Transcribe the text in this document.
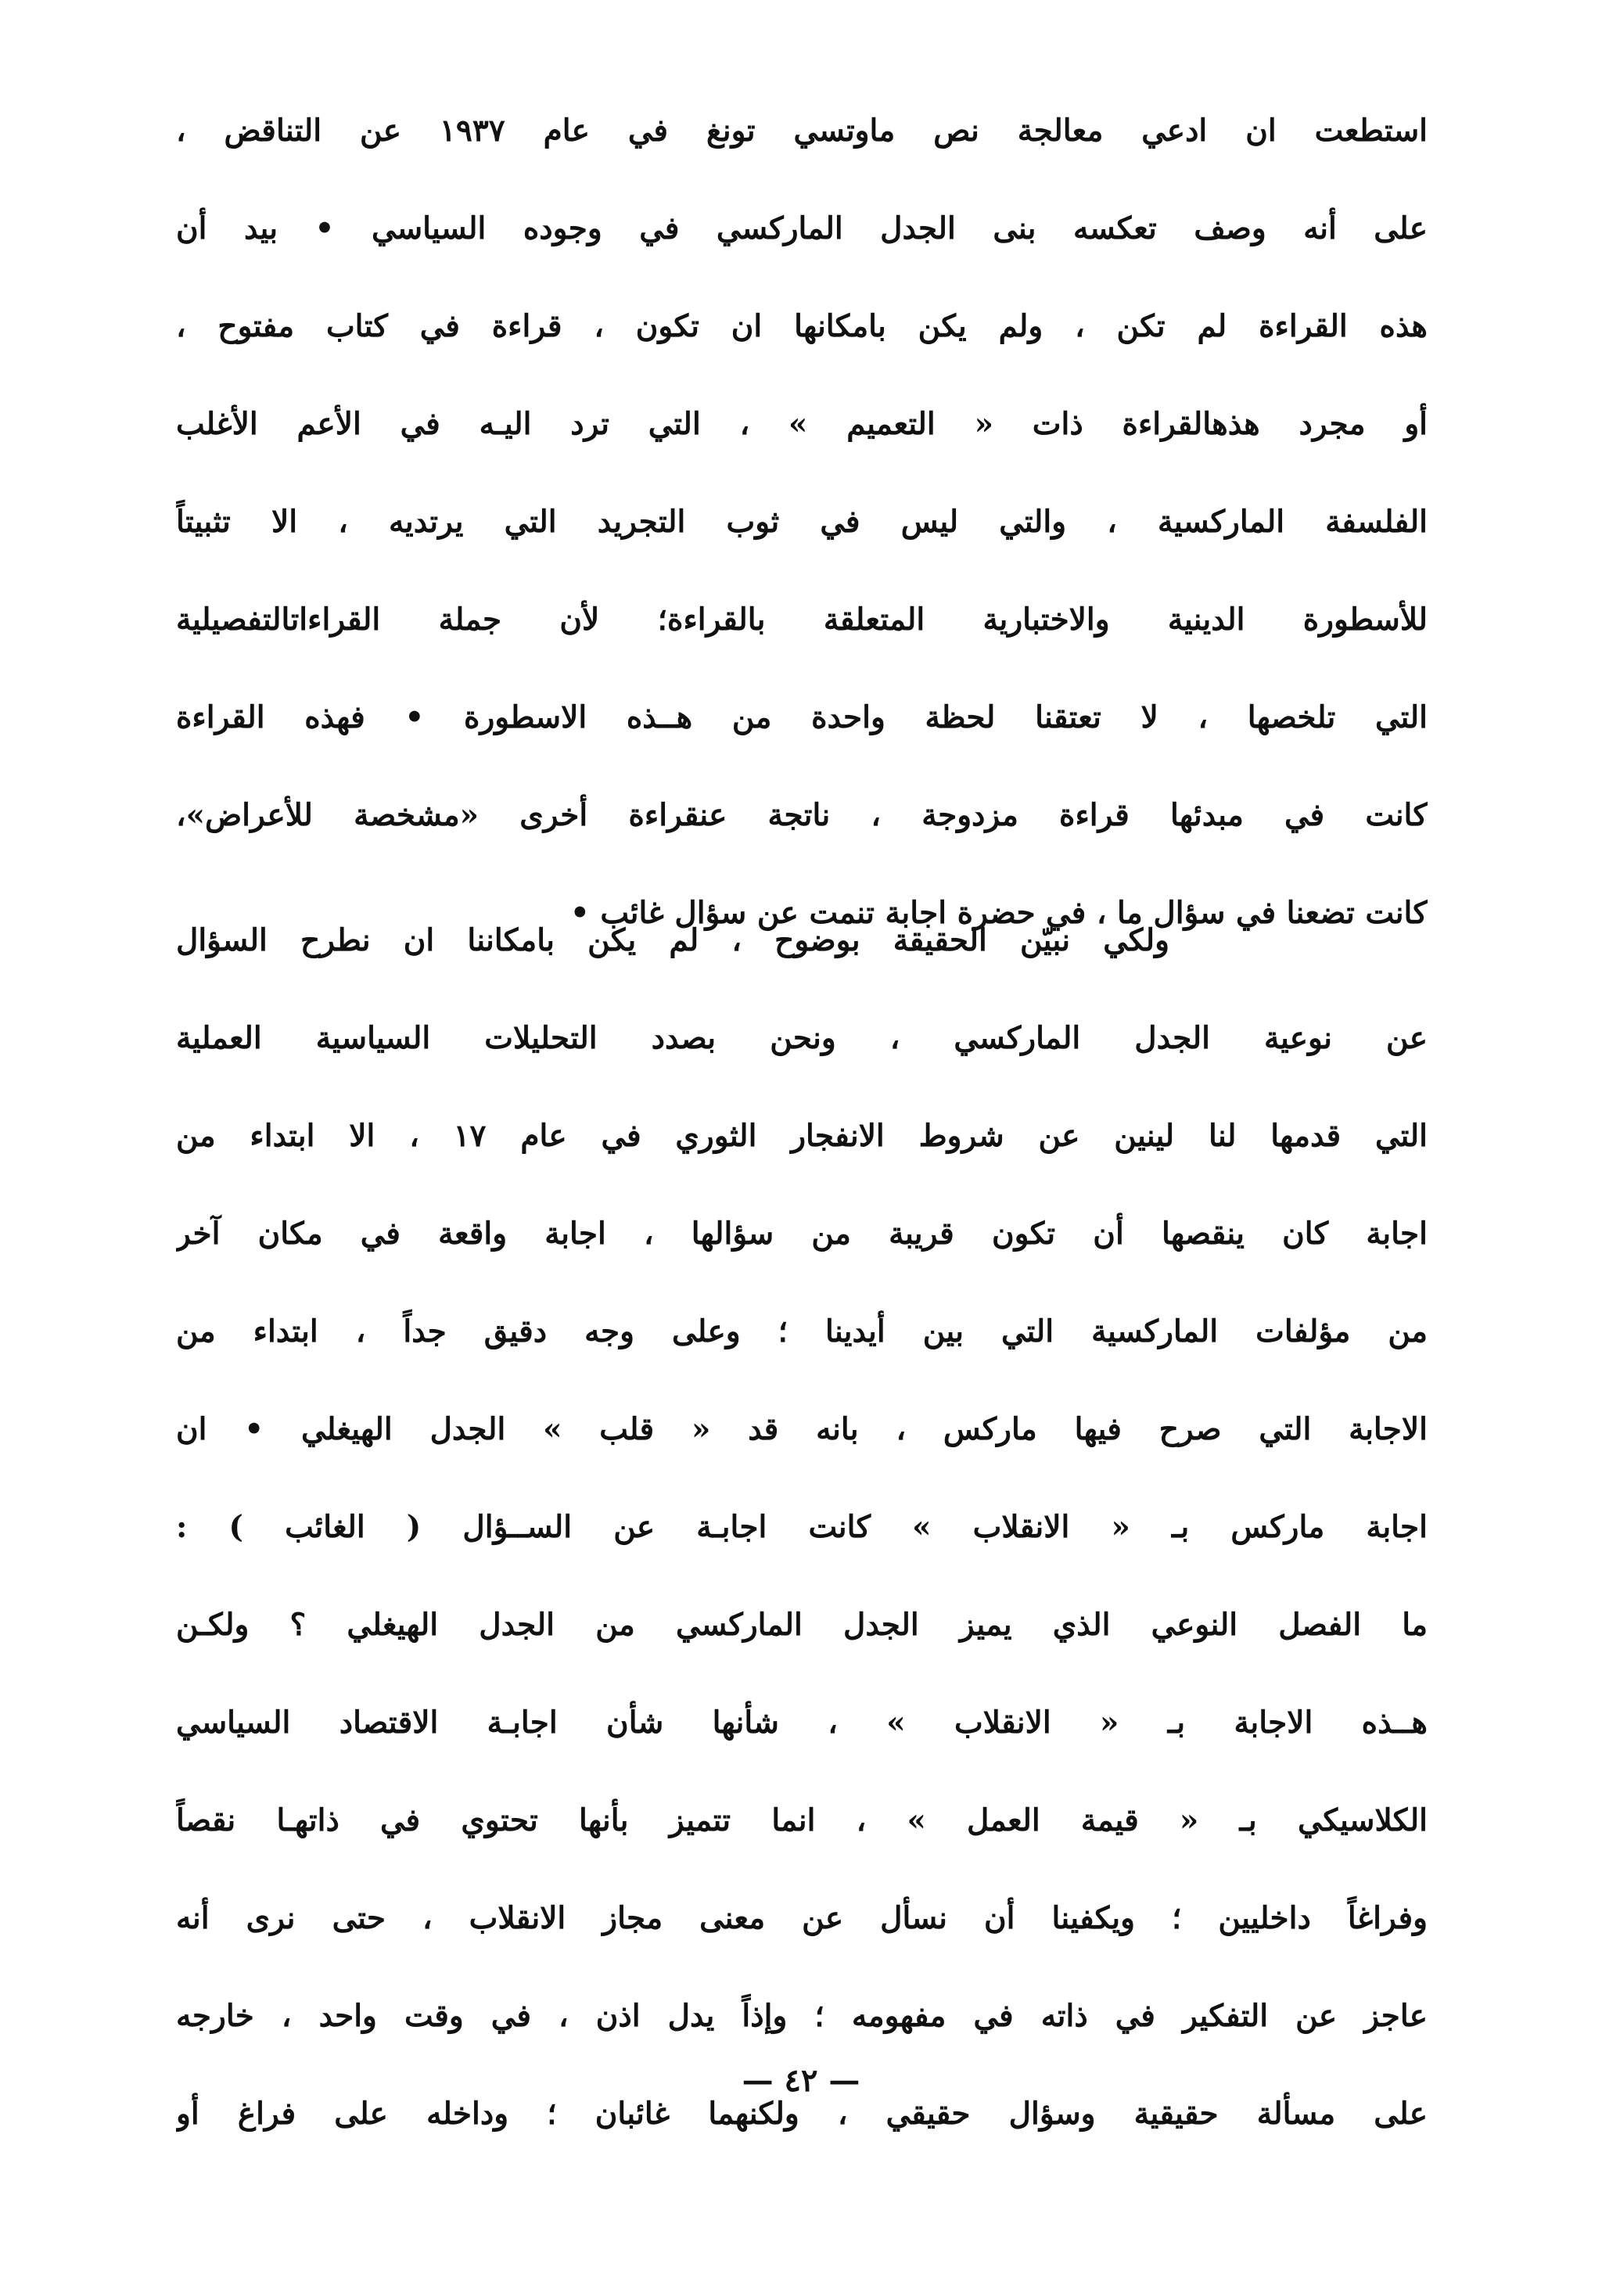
استطعت ان ادعي معالجة نص ماوتسي تونغ في عام ١٩٣٧ عن التناقض ،
على أنه وصف تعكسه بنى الجدل الماركسي في وجوده السياسي • بيد أن
هذه القراءة لم تكن ، ولم يكن بامكانها ان تكون ، قراءة في كتاب مفتوح ،
أو مجرد هذهالقراءة ذات « التعميم » ، التي ترد اليـه في الأعم الأغلب
الفلسفة الماركسية ، والتي ليس في ثوب التجريد التي يرتديه ، الا تثبيتاً
للأسطورة الدينية والاختبارية المتعلقة بالقراءة؛ لأن جملة القراءاتالتفصيلية
التي تلخصها ، لا تعتقنا لحظة واحدة من هــذه الاسطورة • فهذه القراءة
كانت في مبدئها قراءة مزدوجة ، ناتجة عنقراءة أخرى «مشخصة للأعراض»،
كانت تضعنا في سؤال ما ، في حضرة اجابة تنمت عن سؤال غائب •
ولكي نبيّن الحقيقة بوضوح ، لم يكن بامكاننا ان نطرح السؤال
عن نوعية الجدل الماركسي ، ونحن بصدد التحليلات السياسية العملية
التي قدمها لنا لينين عن شروط الانفجار الثوري في عام ١٧ ، الا ابتداء من
اجابة كان ينقصها أن تكون قريبة من سؤالها ، اجابة واقعة في مكان آخر
من مؤلفات الماركسية التي بين أيدينا ؛ وعلى وجه دقيق جداً ، ابتداء من
الاجابة التي صرح فيها ماركس ، بانه قد « قلب » الجدل الهيغلي • ان
اجابة ماركس بـ « الانقلاب » كانت اجابـة عن الســؤال ( الغائب ) :
ما الفصل النوعي الذي يميز الجدل الماركسي من الجدل الهيغلي ؟ ولكـن
هــذه الاجابة بـ « الانقلاب » ، شأنها شأن اجابـة الاقتصاد السياسي
الكلاسيكي بـ « قيمة العمل » ، انما تتميز بأنها تحتوي في ذاتهـا نقصاً
وفراغاً داخليين ؛ ويكفينا أن نسأل عن معنى مجاز الانقلاب ، حتى نرى أنه
عاجز عن التفكير في ذاته في مفهومه ؛ وإذاً يدل اذن ، في وقت واحد ، خارجه
على مسألة حقيقية وسؤال حقيقي ، ولكنهما غائبان ؛ وداخله على فراغ أو
— ٤٢ —
